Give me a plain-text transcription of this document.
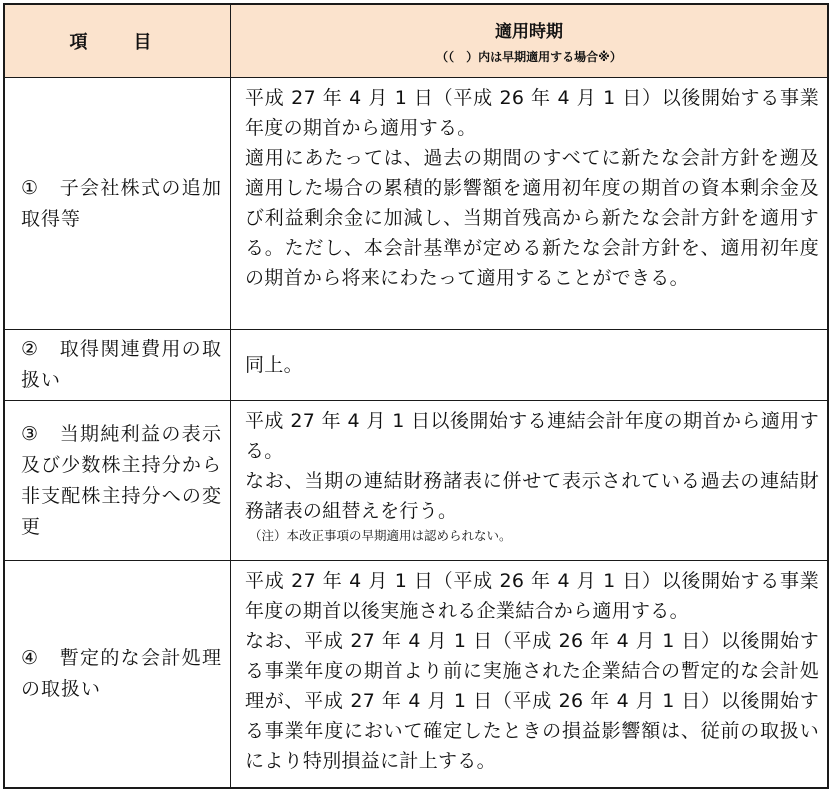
項　目	適用時期
（（　）内は早期適用する場合※）
①　子会社株式の追加取得等

平成 27 年 4 月 1 日（平成 26 年 4 月 1 日）以後開始する事業年度の期首から適用する。

適用にあたっては、過去の期間のすべてに新たな会計方針を遡及適用した場合の累積的影響額を適用初年度の期首の資本剰余金及び利益剰余金に加減し、当期首残高から新たな会計方針を適用する。ただし、本会計基準が定める新たな会計方針を、適用初年度の期首から将来にわたって適用することができる。

②　取得関連費用の取扱い

同上。

③　当期純利益の表示及び少数株主持分から非支配株主持分への変更

平成 27 年 4 月 1 日以後開始する連結会計年度の期首から適用する。

なお、当期の連結財務諸表に併せて表示されている過去の連結財務諸表の組替えを行う。

（注）本改正事項の早期適用は認められない。

④　暫定的な会計処理の取扱い

平成 27 年 4 月 1 日（平成 26 年 4 月 1 日）以後開始する事業年度の期首以後実施される企業結合から適用する。

なお、平成 27 年 4 月 1 日（平成 26 年 4 月 1 日）以後開始する事業年度の期首より前に実施された企業結合の暫定的な会計処理が、平成 27 年 4 月 1 日（平成 26 年 4 月 1 日）以後開始する事業年度において確定したときの損益影響額は、従前の取扱いにより特別損益に計上する。
